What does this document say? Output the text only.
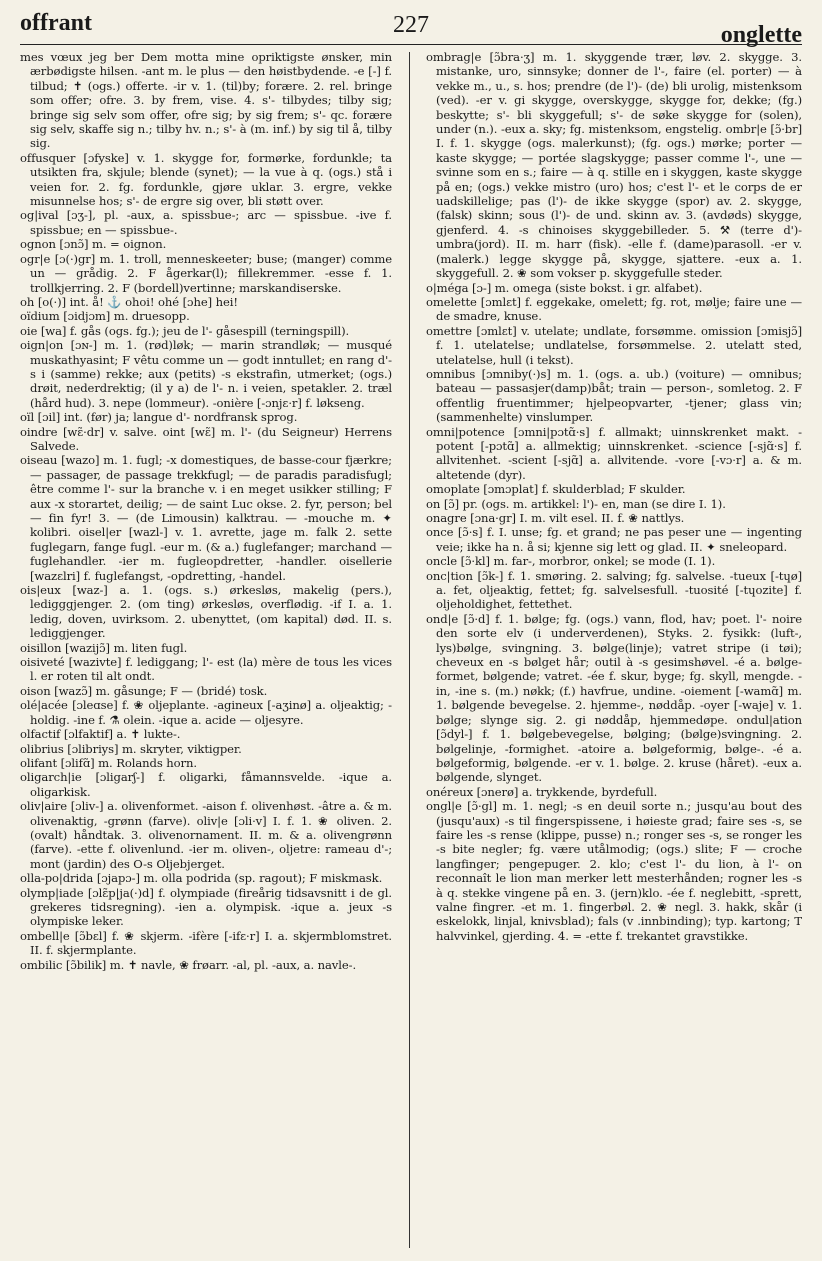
offrant	227	onglette

mes vœux jeg ber Dem motta mine opriktigste ønsker, min ærbødigste hilsen. -ant m. le plus — den høistbydende. -e [-] f. tilbud; ✝ (ogs.) offerte. -ir v. 1. (til)by; forære. 2. rel. bringe som offer; ofre. 3. by frem, vise. 4. s'- tilbydes; tilby sig; bringe sig selv som offer, ofre sig; by sig frem; s'- qc. forære sig selv, skaffe sig n.; tilby hv. n.; s'- à (m. inf.) by sig til å, tilby sig.

offusquer [ɔfyske] v. 1. skygge for, formørke, fordunkle; ta utsikten fra, skjule; blende (synet); — la vue à q. (ogs.) stå i veien for. 2. fg. fordunkle, gjøre uklar. 3. ergre, vekke misunnelse hos; s'- de ergre sig over, bli støtt over.

og|ival [ɔʒ-], pl. -aux, a. spissbue-; arc — spissbue. -ive f. spissbue; en — spissbue-.

ognon [ɔnɔ̃] m. = oignon.

ogr|e [ɔ(·)gr] m. 1. troll, menneskeeter; buse; (manger) comme un — grådig. 2. F ågerkar(l); fillekremmer. -esse f. 1. trollkjerring. 2. F (bordell)vertinne; marskandiserske.

oh [o(·)] int. å! ⚓ ohoi! ohé [ɔhe] hei!

oïdium [ɔidjɔm] m. druesopp.

oie [wa] f. gås (ogs. fg.); jeu de l'- gåsespill (terningspill).

oign|on [ɔɴ-] m. 1. (rød)løk; — marin strandløk; — musqué muskathyasint; F vêtu comme un — godt inntullet; en rang d'-s i (samme) rekke; aux (petits) -s ekstrafin, utmerket; (ogs.) drøit, nederdrektig; (il y a) de l'- n. i veien, spetakler. 2. træl (hård hud). 3. nepe (lommeur). -onière [-ɔnjɛ·r] f. løkseng.

oïl [ɔil] int. (før) ja; langue d'- nordfransk sprog.

oindre [wɛ̃·dr] v. salve. oint [wɛ̃] m. l'- (du Seigneur) Herrens Salvede.

oiseau [wazo] m. 1. fugl; -x domestiques, de basse-cour fjærkre; — passager, de passage trekkfugl; — de paradis paradisfugl; être comme l'- sur la branche v. i en meget usikker stilling; F aux -x storartet, deilig; — de saint Luc okse. 2. fyr, person; bel — fin fyr! 3. — (de Limousin) kalktrau. — -mouche m. ✦ kolibri. oisel|er [wazl-] v. 1. avrette, jage m. falk 2. sette fuglegarn, fange fugl. -eur m. (& a.) fuglefanger; marchand — fuglehandler. -ier m. fugleopdretter, -handler. oisellerie [wazɛlri] f. fuglefangst, -opdretting, -handel.

ois|eux [waz-] a. 1. (ogs. s.) ørkesløs, makelig (pers.), ledigggjenger. 2. (om ting) ørkesløs, overflødig. -if I. a. 1. ledig, doven, uvirksom. 2. ubenyttet, (om kapital) død. II. s. lediggjenger.

oisillon [wazijɔ̃] m. liten fugl.

oisiveté [wazivte] f. lediggang; l'- est (la) mère de tous les vices l. er roten til alt ondt.

oison [wazɔ̃] m. gåsunge; F — (bridé) tosk.

olé|acée [ɔleɑse] f. ❀ oljeplante. -agineux [-aʒinø] a. oljeaktig; -holdig. -ine f. ⚗ olein. -ique a. acide — oljesyre.

olfactif [ɔlfaktif] a. ✝ lukte-.

olibrius [ɔlibriys] m. skryter, viktigper.

olifant [ɔlifɑ̃] m. Rolands horn.

oligarch|ie [ɔligarʃ-] f. oligarki, fåmannsvelde. -ique a. oligarkisk.

oliv|aire [ɔliv-] a. olivenformet. -aison f. olivenhøst. -âtre a. & m. olivenaktig, -grønn (farve). oliv|e [ɔli·v] I. f. 1. ❀ oliven. 2. (ovalt) håndtak. 3. olivenornament. II. m. & a. olivengrønn (farve). -ette f. olivenlund. -ier m. oliven-, oljetre: rameau d'-; mont (jardin) des O-s Oljebjerget.

olla-po|drida [ɔjapɔ-] m. olla podrida (sp. ragout); F miskmask.

olymp|iade [ɔlɛ̃p|ja(·)d] f. olympiade (fireårig tidsavsnitt i de gl. grekeres tidsregning). -ien a. olympisk. -ique a. jeux -s olympiske leker.

ombell|e [ɔ̃bɛl] f. ❀ skjerm. -ifère [-ifɛ·r] I. a. skjermblomstret. II. f. skjermplante.

ombilic [ɔ̃bilik] m. ✝ navle, ❀ frøarr. -al, pl. -aux, a. navle-.

ombrag|e [ɔ̃bra·ʒ] m. 1. skyggende trær, løv. 2. skygge. 3. mistanke, uro, sinnsyke; donner de l'-, faire (el. porter) — à vekke m., u., s. hos; prendre (de l')- (de) bli urolig, mistenksom (ved). -er v. gi skygge, overskygge, skygge for, dekke; (fg.) beskytte; s'- bli skyggefull; s'- de søke skygge for (solen), under (n.). -eux a. sky; fg. mistenksom, engstelig. ombr|e [ɔ̃·br] I. f. 1. skygge (ogs. malerkunst); (fg. ogs.) mørke; porter — kaste skygge; — portée slagskygge; passer comme l'-, une — svinne som en s.; faire — à q. stille en i skyggen, kaste skygge på en; (ogs.) vekke mistro (uro) hos; c'est l'- et le corps de er uadskillelige; pas (l')- de ikke skygge (spor) av. 2. skygge, (falsk) skinn; sous (l')- de und. skinn av. 3. (avdøds) skygge, gjenferd. 4. -s chinoises skyggebilleder. 5. ⚒ (terre d')- umbra(jord). II. m. harr (fisk). -elle f. (dame)parasoll. -er v. (malerk.) legge skygge på, skygge, sjattere. -eux a. 1. skyggefull. 2. ❀ som vokser p. skyggefulle steder.

o|méga [ɔ-] m. omega (siste bokst. i gr. alfabet).

omelette [ɔmlɛt] f. eggekake, omelett; fg. rot, mølje; faire une — de smadre, knuse.

omettre [ɔmlɛt] v. utelate; undlate, forsømme. omission [ɔmisjɔ̃] f. 1. utelatelse; undlatelse, forsømmelse. 2. utelatt sted, utelatelse, hull (i tekst).

omnibus [ɔmniby(·)s] m. 1. (ogs. a. ub.) (voiture) — omnibus; bateau — passasjer(damp)båt; train — person-, somletog. 2. F offentlig fruentimmer; hjelpeopvarter, -tjener; glass vin; (sammenhelte) vinslumper.

omni|potence [ɔmni|pɔtɑ̃·s] f. allmakt; uinnskrenket makt. -potent [-pɔtɑ̃] a. allmektig; uinnskrenket. -science [-sjɑ̃·s] f. allvitenhet. -scient [-sjɑ̃] a. allvitende. -vore [-vɔ·r] a. & m. altetende (dyr).

omoplate [ɔmɔplat] f. skulderblad; F skulder.

on [ɔ̃] pr. (ogs. m. artikkel: l')- en, man (se dire I. 1).

onagre [ɔna·gr] I. m. vilt esel. II. f. ❀ nattlys.

once [ɔ̃·s] f. I. unse; fg. et grand; ne pas peser une — ingenting veie; ikke ha n. å si; kjenne sig lett og glad. II. ✦ sneleopard.

oncle [ɔ̃·kl] m. far-, morbror, onkel; se mode (I. 1).

onc|tion [ɔ̃k-] f. 1. smøring. 2. salving; fg. salvelse. -tueux [-tɥø] a. fet, oljeaktig, fettet; fg. salvelsesfull. -tuosité [-tɥozite] f. oljeholdighet, fettethet.

ond|e [ɔ̃·d] f. 1. bølge; fg. (ogs.) vann, flod, hav; poet. l'- noire den sorte elv (i underverdenen), Styks. 2. fysikk: (luft-, lys)bølge, svingning. 3. bølge(linje); vatret stripe (i tøi); cheveux en -s bølget hår; outil à -s gesimshøvel. -é a. bølgeformet, bølgende; vatret. -ée f. skur, byge; fg. skyll, mengde. -in, -ine s. (m.) nøkk; (f.) havfrue, undine. -oiement [-wamɑ̃] m. 1. bølgende bevegelse. 2. hjemme-, nøddåp. -oyer [-waje] v. 1. bølge; slynge sig. 2. gi nøddåp, hjemmedøpe. ondul|ation [ɔ̃dyl-] f. 1. bølgebevegelse, bølging; (bølge)svingning. 2. bølgelinje, -formighet. -atoire a. bølgeformig, bølge-. -é a. bølgeformig, bølgende. -er v. 1. bølge. 2. kruse (håret). -eux a. bølgende, slynget.

onéreux [ɔnerø] a. trykkende, byrdefull.

ongl|e [ɔ̃·gl] m. 1. negl; -s en deuil sorte n.; jusqu'au bout des (jusqu'aux) -s til fingerspissene, i høieste grad; faire ses -s, se faire les -s rense (klippe, pusse) n.; ronger ses -s, se ronger les -s bite negler; fg. være utålmodig; (ogs.) slite; F — croche langfinger; pengepuger. 2. klo; c'est l'- du lion, à l'- on reconnaît le lion man merker lett mesterhånden; rogner les -s à q. stekke vingene på en. 3. (jern)klo. -ée f. neglebitt, -sprett, valne fingrer. -et m. 1. fingerbøl. 2. ❀ negl. 3. hakk, skår (i eskelokk, linjal, knivsblad); fals (v .innbinding); typ. kartong; T halvvinkel, gjerding. 4. = -ette f. trekantet gravstikke.
